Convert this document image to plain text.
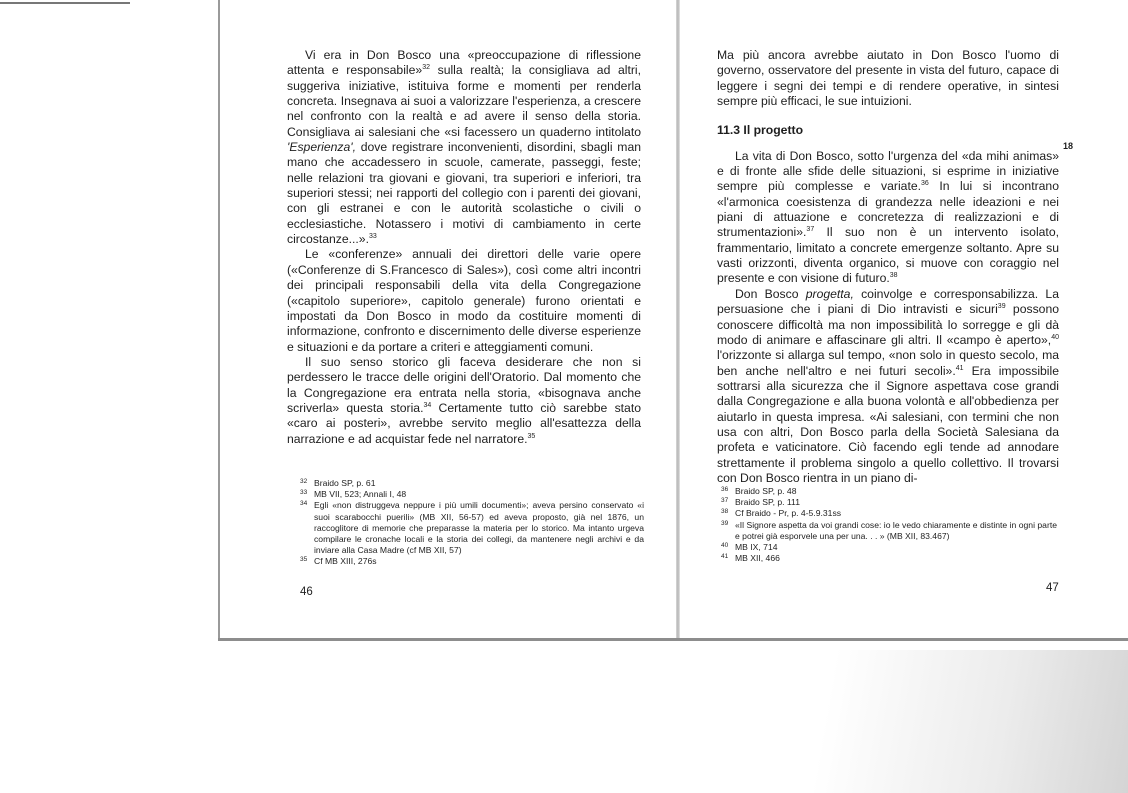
Vi era in Don Bosco una «preoccupazione di riflessione attenta e responsabile»$^{32}$ sulla realtà; la consigliava ad altri, suggeriva iniziative, istituiva forme e momenti per renderla concreta. Insegnava ai suoi a valorizzare l'esperienza, a crescere nel confronto con la realtà e ad avere il senso della storia. Consigliava ai salesiani che «si facessero un quaderno intitolato 'Esperienza', dove registrare inconvenienti, disordini, sbagli man mano che accadessero in scuole, camerate, passeggi, feste; nelle relazioni tra giovani e giovani, tra superiori e inferiori, tra superiori stessi; nei rapporti del collegio con i parenti dei giovani, con gli estranei e con le autorità scolastiche o civili o ecclesiastiche. Notassero i motivi di cambiamento in certe circostanze...».$^{33}$

Le «conferenze» annuali dei direttori delle varie opere («Conferenze di S.Francesco di Sales»), così come altri incontri dei principali responsabili della vita della Congregazione («capitolo superiore», capitolo generale) furono orientati e impostati da Don Bosco in modo da costituire momenti di informazione, confronto e discernimento delle diverse esperienze e situazioni e da portare a criteri e atteggiamenti comuni.

Il suo senso storico gli faceva desiderare che non si perdessero le tracce delle origini dell'Oratorio. Dal momento che la Congregazione era entrata nella storia, «bisognava anche scriverla» questa storia.$^{34}$ Certamente tutto ciò sarebbe stato «caro ai posteri», avrebbe servito meglio all'esattezza della narrazione e ad acquistar fede nel narratore.$^{35}$

32 Braido SP, p. 61
33 MB VII, 523; Annali I, 48
34 Egli «non distruggeva neppure i più umili documenti»; aveva persino conservato «i suoi scarabocchi puerili» (MB XII, 56-57) ed aveva proposto, già nel 1876, un raccoglitore di memorie che preparasse la materia per lo storico. Ma intanto urgeva compilare le cronache locali e la storia dei collegi, da mantenere negli archivi e da inviare alla Casa Madre (cf MB XII, 57)
35 Cf MB XIII, 276s
46

Ma più ancora avrebbe aiutato in Don Bosco l'uomo di governo, osservatore del presente in vista del futuro, capace di leggere i segni dei tempi e di rendere operative, in sintesi sempre più efficaci, le sue intuizioni.

11.3 Il progetto

La vita di Don Bosco, sotto l'urgenza del «da mihi animas» e di fronte alle sfide delle situazioni, si esprime in iniziative sempre più complesse e variate.$^{36}$ In lui si incontrano «l'armonica coesistenza di grandezza nelle ideazioni e nei piani di attuazione e concretezza di realizzazioni e di strumentazioni».$^{37}$ Il suo non è un intervento isolato, frammentario, limitato a concrete emergenze soltanto. Apre su vasti orizzonti, diventa organico, si muove con coraggio nel presente e con visione di futuro.$^{38}$

Don Bosco progetta, coinvolge e corresponsabilizza. La persuasione che i piani di Dio intravisti e sicuri$^{39}$ possono conoscere difficoltà ma non impossibilità lo sorregge e gli dà modo di animare e affascinare gli altri. Il «campo è aperto»,$^{40}$ l'orizzonte si allarga sul tempo, «non solo in questo secolo, ma ben anche nell'altro e nei futuri secoli».$^{41}$ Era impossibile sottrarsi alla sicurezza che il Signore aspettava cose grandi dalla Congregazione e alla buona volontà e all'obbedienza per aiutarlo in questa impresa. «Ai salesiani, con termini che non usa con altri, Don Bosco parla della Società Salesiana da profeta e vaticinatore. Ciò facendo egli tende ad annodare strettamente il problema singolo a quello collettivo. Il trovarsi con Don Bosco rientra in un piano di-

18
36 Braido SP, p. 48
37 Braido SP, p. 111
38 Cf Braido - Pr, p. 4-5.9.31ss
39 «Il Signore aspetta da voi grandi cose: io le vedo chiaramente e distinte in ogni parte e potrei già esporvele una per una. . . » (MB XII, 83.467)
40 MB IX, 714
41 MB XII, 466
47
